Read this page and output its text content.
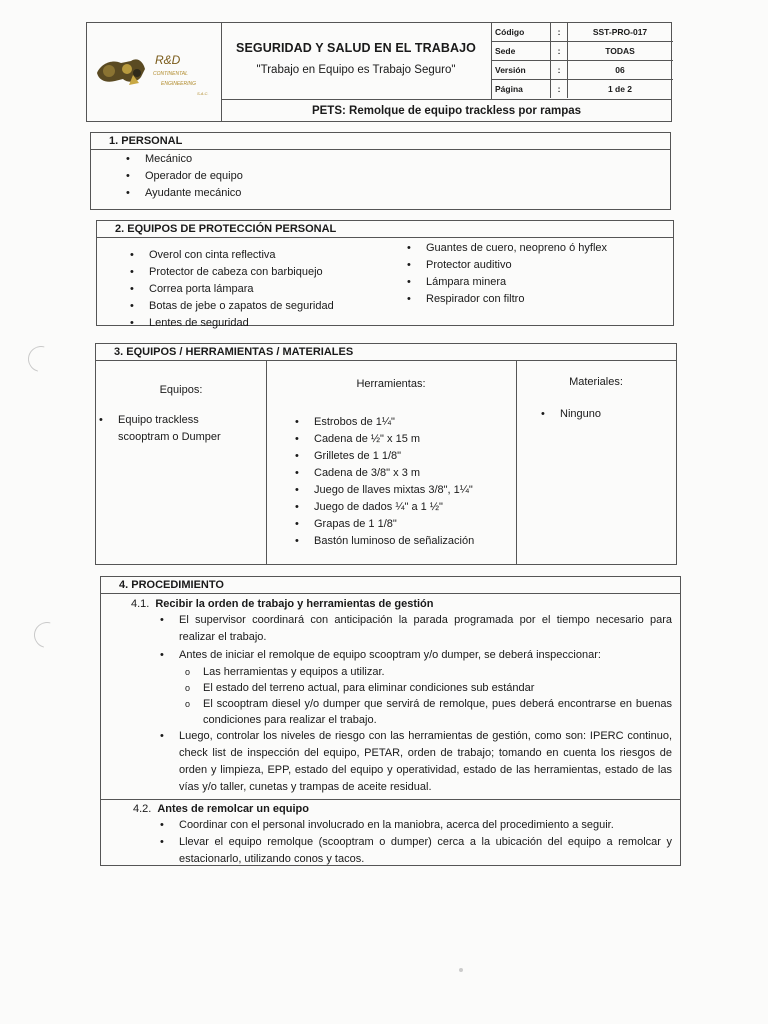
R&D
CONTINENTAL
ENGINEERING
S.A.C.
SEGURIDAD Y SALUD EN EL TRABAJO

"Trabajo en Equipo es Trabajo Seguro"

Código	:	SST-PRO-017
Sede	:	TODAS
Versión	:	06
Página	:	1 de 2
PETS: Remolque de equipo trackless por rampas
1. PERSONAL
• Mecánico
• Operador de equipo
• Ayudante mecánico
2. EQUIPOS DE PROTECCIÓN PERSONAL
• Overol con cinta reflectiva
• Protector de cabeza con barbiquejo
• Correa porta lámpara
• Botas de jebe o zapatos de seguridad
• Lentes de seguridad
• Guantes de cuero, neopreno ó hyflex
• Protector auditivo
• Lámpara minera
• Respirador con filtro
3. EQUIPOS / HERRAMIENTAS / MATERIALES
Equipos:
• Equipo trackless scooptram o Dumper
Herramientas:
• Estrobos de 1¼"
• Cadena de ½" x 15 m
• Grilletes de 1 1/8"
• Cadena de 3/8" x 3 m
• Juego de llaves mixtas 3/8", 1¼"
• Juego de dados ¼" a 1 ½"
• Grapas de 1 1/8"
• Bastón luminoso de señalización
Materiales:
• Ninguno
4. PROCEDIMIENTO

4.1. Recibir la orden de trabajo y herramientas de gestión

• El supervisor coordinará con anticipación la parada programada por el tiempo necesario para realizar el trabajo.
• Antes de iniciar el remolque de equipo scooptram y/o dumper, se deberá inspeccionar:
o Las herramientas y equipos a utilizar.
o El estado del terreno actual, para eliminar condiciones sub estándar
o El scooptram diesel y/o dumper que servirá de remolque, pues deberá encontrarse en buenas condiciones para realizar el trabajo.
• Luego, controlar los niveles de riesgo con las herramientas de gestión, como son: IPERC continuo, check list de inspección del equipo, PETAR, orden de trabajo; tomando en cuenta los riesgos de orden y limpieza, EPP, estado del equipo y operatividad, estado de las herramientas, estado de las vías y/o taller, cunetas y trampas de aceite residual.

4.2. Antes de remolcar un equipo

• Coordinar con el personal involucrado en la maniobra, acerca del procedimiento a seguir.
• Llevar el equipo remolque (scooptram o dumper) cerca a la ubicación del equipo a remolcar y estacionarlo, utilizando conos y tacos.
